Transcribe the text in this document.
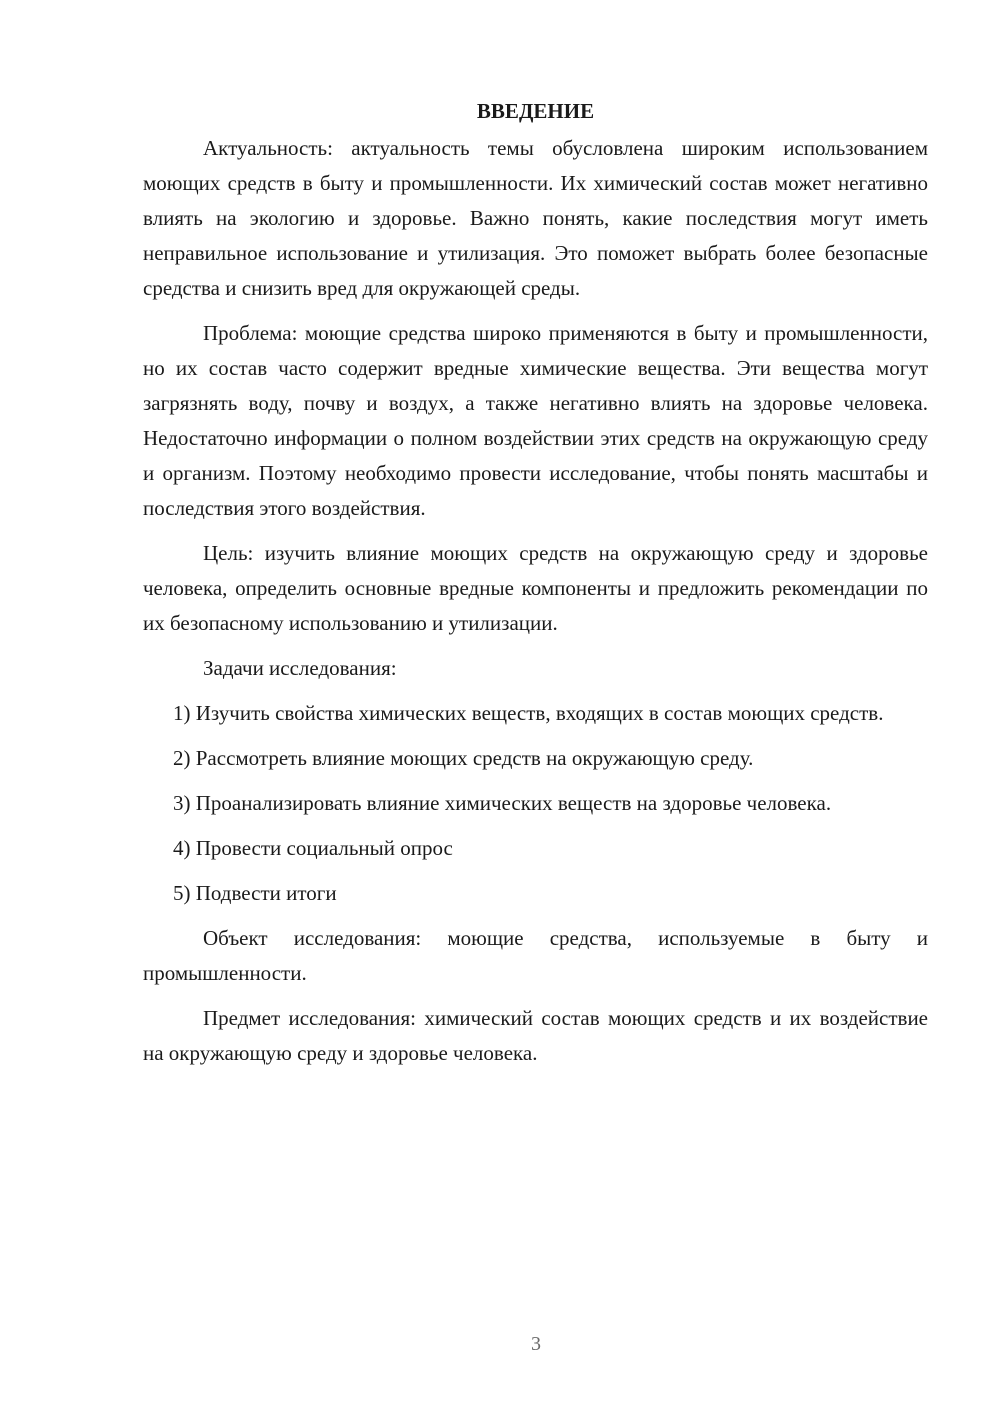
ВВЕДЕНИЕ

Актуальность: актуальность темы обусловлена широким использованием моющих средств в быту и промышленности. Их химический состав может негативно влиять на экологию и здоровье. Важно понять, какие последствия могут иметь неправильное использование и утилизация. Это поможет выбрать более безопасные средства и снизить вред для окружающей среды.

Проблема: моющие средства широко применяются в быту и промышленности, но их состав часто содержит вредные химические вещества. Эти вещества могут загрязнять воду, почву и воздух, а также негативно влиять на здоровье человека. Недостаточно информации о полном воздействии этих средств на окружающую среду и организм. Поэтому необходимо провести исследование, чтобы понять масштабы и последствия этого воздействия.

Цель: изучить влияние моющих средств на окружающую среду и здоровье человека, определить основные вредные компоненты и предложить рекомендации по их безопасному использованию и утилизации.

Задачи исследования:

1) Изучить свойства химических веществ, входящих в состав моющих средств.

2) Рассмотреть влияние моющих средств на окружающую среду.

3) Проанализировать влияние химических веществ на здоровье человека.

4) Провести социальный опрос

5) Подвести итоги

Объект исследования: моющие средства, используемые в быту и промышленности.

Предмет исследования: химический состав моющих средств и их воздействие на окружающую среду и здоровье человека.

3
